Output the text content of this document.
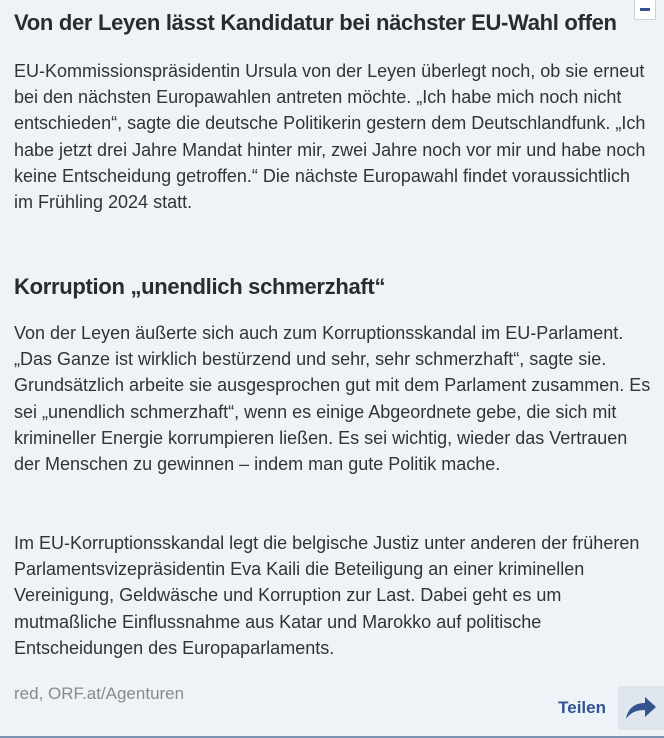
Von der Leyen lässt Kandidatur bei nächster EU-Wahl offen

EU-Kommissionspräsidentin Ursula von der Leyen überlegt noch, ob sie erneut bei den nächsten Europawahlen antreten möchte. „Ich habe mich noch nicht entschieden“, sagte die deutsche Politikerin gestern dem Deutschlandfunk. „Ich habe jetzt drei Jahre Mandat hinter mir, zwei Jahre noch vor mir und habe noch keine Entscheidung getroffen.“ Die nächste Europawahl findet voraussichtlich im Frühling 2024 statt.

Korruption „unendlich schmerzhaft“

Von der Leyen äußerte sich auch zum Korruptionsskandal im EU-Parlament. „Das Ganze ist wirklich bestürzend und sehr, sehr schmerzhaft“, sagte sie. Grundsätzlich arbeite sie ausgesprochen gut mit dem Parlament zusammen. Es sei „unendlich schmerzhaft“, wenn es einige Abgeordnete gebe, die sich mit krimineller Energie korrumpieren ließen. Es sei wichtig, wieder das Vertrauen der Menschen zu gewinnen – indem man gute Politik mache.

Im EU-Korruptionsskandal legt die belgische Justiz unter anderen der früheren Parlamentsvizepräsidentin Eva Kaili die Beteiligung an einer kriminellen Vereinigung, Geldwäsche und Korruption zur Last. Dabei geht es um mutmaßliche Einflussnahme aus Katar und Marokko auf politische Entscheidungen des Europaparlaments.

red, ORF.at/Agenturen
Teilen
